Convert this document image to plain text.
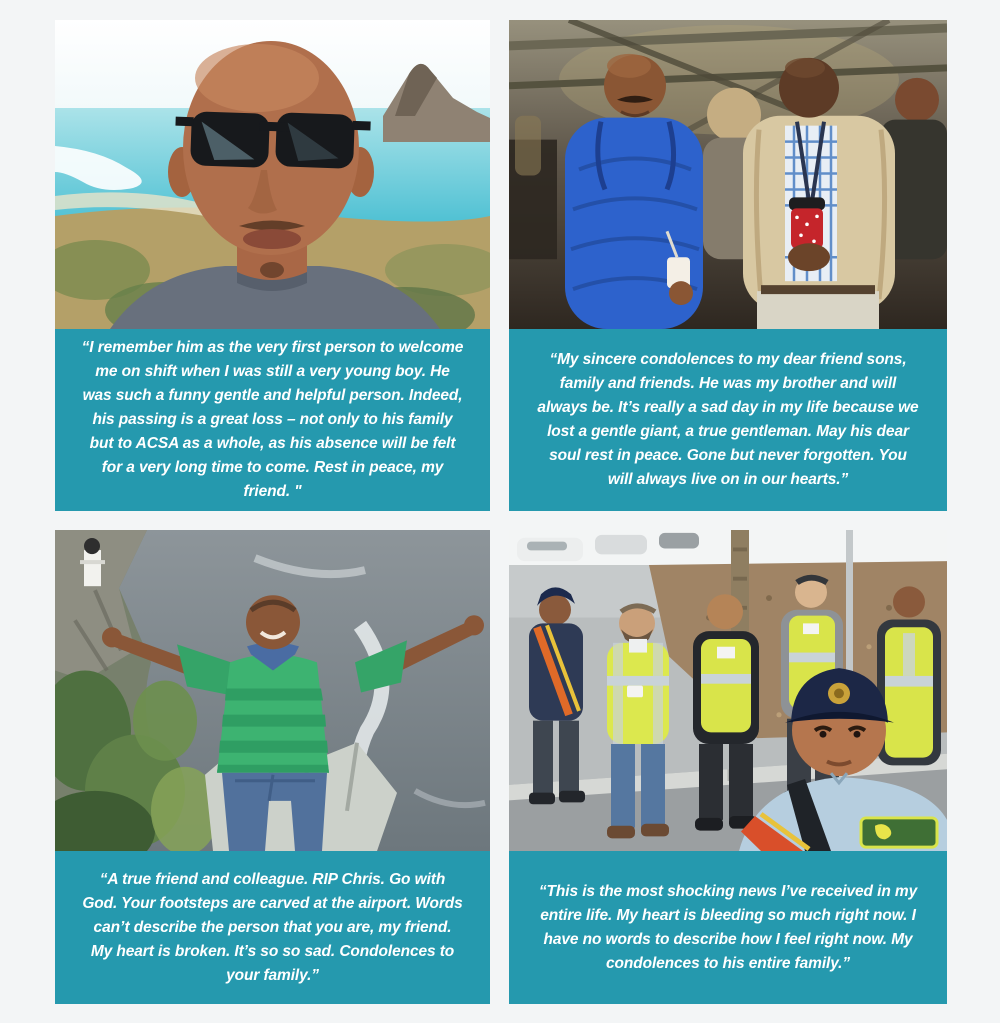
“I remember him as the very first person to welcome me on shift when I was still a very young boy. He was such a funny gentle and helpful person. Indeed, his passing is a great loss – not only to his family but to ACSA as a whole, as his absence will be felt for a very long time to come. Rest in peace, my friend. "

“My sincere condolences to my dear friend sons, family and friends. He was my brother and will always be. It’s really a sad day in my life because we lost a gentle giant, a true gentleman. May his dear soul rest in peace. Gone but never forgotten. You will always live on in our hearts.”

“A true friend and colleague. RIP Chris. Go with God. Your footsteps are carved at the airport. Words can’t describe the person that you are, my friend. My heart is broken. It’s so so sad. Condolences to your family.”

“This is the most shocking news I’ve received in my entire life. My heart is bleeding so much right now. I have no words to describe how I feel right now. My condolences to his entire family.”
